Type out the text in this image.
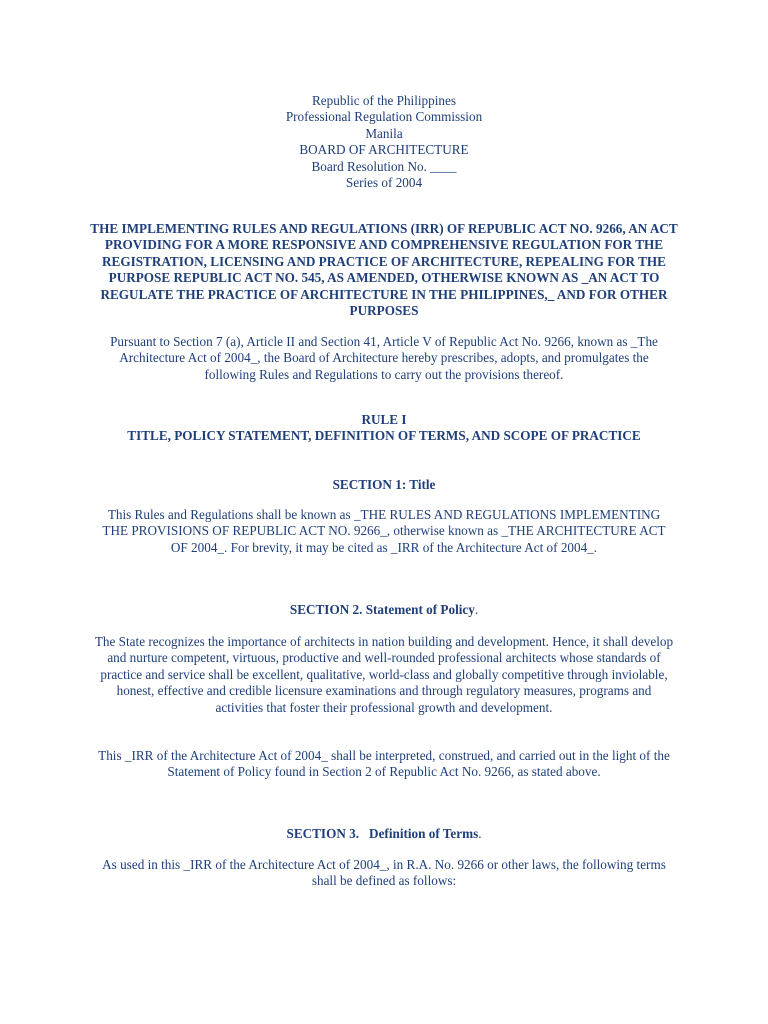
Republic of the Philippines
Professional Regulation Commission
Manila
BOARD OF ARCHITECTURE
Board Resolution No. ____
Series of 2004
THE IMPLEMENTING RULES AND REGULATIONS (IRR) OF REPUBLIC ACT NO. 9266, AN ACT PROVIDING FOR A MORE RESPONSIVE AND COMPREHENSIVE REGULATION FOR THE REGISTRATION, LICENSING AND PRACTICE OF ARCHITECTURE, REPEALING FOR THE PURPOSE REPUBLIC ACT NO. 545, AS AMENDED, OTHERWISE KNOWN AS _AN ACT TO REGULATE THE PRACTICE OF ARCHITECTURE IN THE PHILIPPINES,_ AND FOR OTHER PURPOSES
Pursuant to Section 7 (a), Article II and Section 41, Article V of Republic Act No. 9266, known as _The Architecture Act of 2004_, the Board of Architecture hereby prescribes, adopts, and promulgates the following Rules and Regulations to carry out the provisions thereof.
RULE I
TITLE, POLICY STATEMENT, DEFINITION OF TERMS, AND SCOPE OF PRACTICE
SECTION 1: Title
This Rules and Regulations shall be known as _THE RULES AND REGULATIONS IMPLEMENTING THE PROVISIONS OF REPUBLIC ACT NO. 9266_, otherwise known as _THE ARCHITECTURE ACT OF 2004_. For brevity, it may be cited as _IRR of the Architecture Act of 2004_.
SECTION 2. Statement of Policy.
The State recognizes the importance of architects in nation building and development. Hence, it shall develop and nurture competent, virtuous, productive and well-rounded professional architects whose standards of practice and service shall be excellent, qualitative, world-class and globally competitive through inviolable, honest, effective and credible licensure examinations and through regulatory measures, programs and activities that foster their professional growth and development.
This _IRR of the Architecture Act of 2004_ shall be interpreted, construed, and carried out in the light of the Statement of Policy found in Section 2 of Republic Act No. 9266, as stated above.
SECTION 3. Definition of Terms.
As used in this _IRR of the Architecture Act of 2004_, in R.A. No. 9266 or other laws, the following terms shall be defined as follows:
